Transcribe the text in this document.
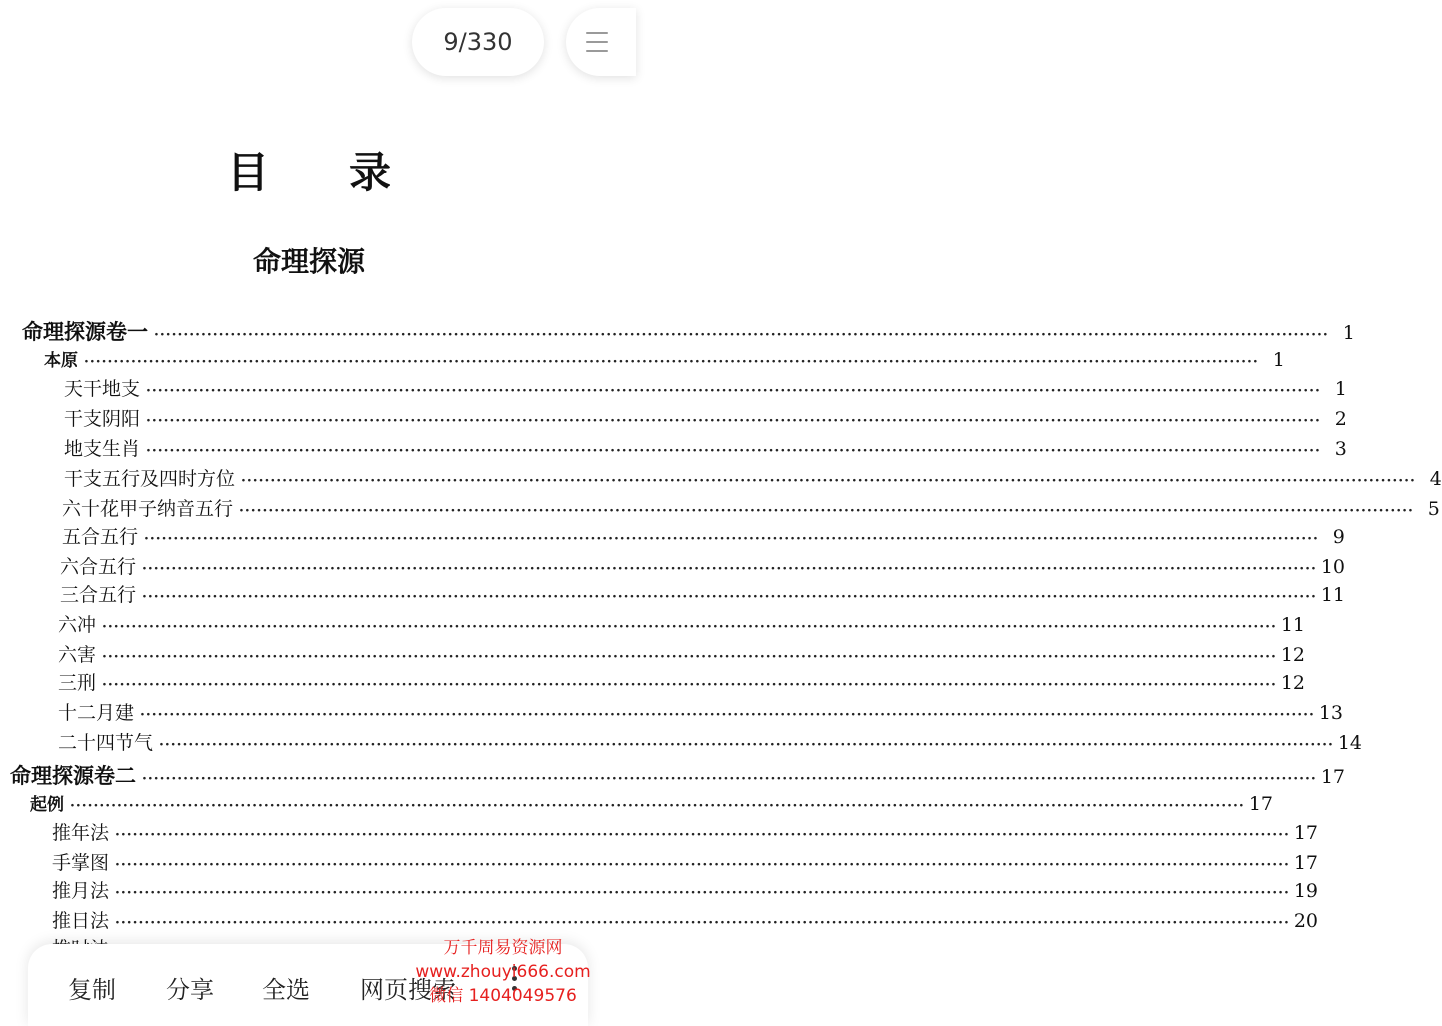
9/330
目录
命理探源
命理探源卷一 ········································································································································································································ 1
本原 ········································································································································································································ 1
天干地支 ········································································································································································································ 1
干支阴阳 ········································································································································································································ 2
地支生肖 ········································································································································································································ 3
干支五行及四时方位 ········································································································································································································ 4
六十花甲子纳音五行 ········································································································································································································ 5
五合五行 ········································································································································································································ 9
六合五行 ········································································································································································································ 10
三合五行 ········································································································································································································ 11
六冲 ········································································································································································································ 11
六害 ········································································································································································································ 12
三刑 ········································································································································································································ 12
十二月建 ········································································································································································································ 13
二十四节气 ········································································································································································································ 14
命理探源卷二 ········································································································································································································ 17
起例 ········································································································································································································ 17
推年法 ········································································································································································································ 17
手掌图 ········································································································································································································ 17
推月法 ········································································································································································································ 19
推日法 ········································································································································································································ 20
复制 分享 全选 网页搜索
万千周易资源网
www.zhouyi666.com
微信 1404049576
